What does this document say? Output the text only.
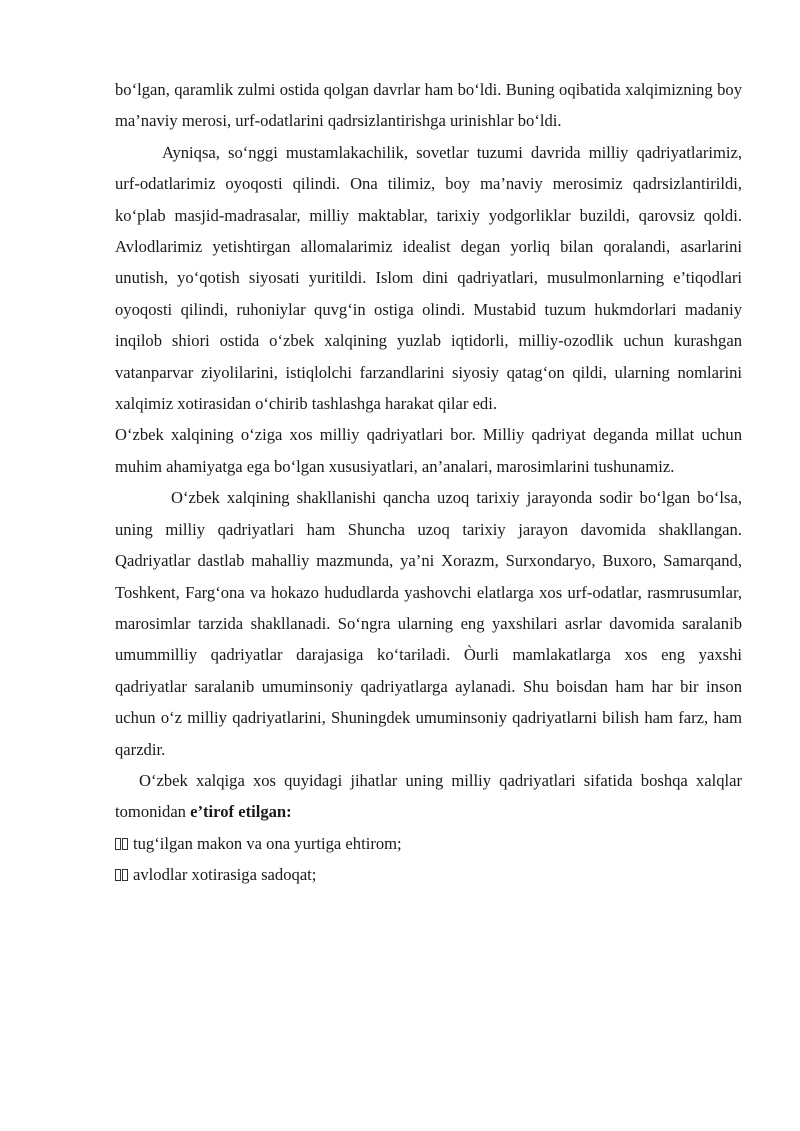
bo‘lgan, qaramlik zulmi ostida qolgan davrlar ham bo‘ldi. Buning oqibatida xalqimizning boy ma’naviy merosi, urf-odatlarini qadrsizlantirishga urinishlar bo‘ldi.

Ayniqsa, so‘nggi mustamlakachilik, sovetlar tuzumi davrida milliy qadriyatlarimiz, urf-odatlarimiz oyoqosti qilindi. Ona tilimiz, boy ma’naviy merosimiz qadrsizlantirildi, ko‘plab masjid-madrasalar, milliy maktablar, tarixiy yodgorliklar buzildi, qarovsiz qoldi. Avlodlarimiz yetishtirgan allomalarimiz idealist degan yorliq bilan qoralandi, asarlarini unutish, yo‘qotish siyosati yuritildi. Islom dini qadriyatlari, musulmonlarning e’tiqodlari oyoqosti qilindi, ruhoniylar quvg‘in ostiga olindi. Mustabid tuzum hukmdorlari madaniy inqilob shiori ostida o‘zbek xalqining yuzlab iqtidorli, milliy-ozodlik uchun kurashgan vatanparvar ziyolilarini, istiqlolchi farzandlarini siyosiy qatag‘on qildi, ularning nomlarini xalqimiz xotirasidan o‘chirib tashlashga harakat qilar edi.

O‘zbek xalqining o‘ziga xos milliy qadriyatlari bor. Milliy qadriyat deganda millat uchun muhim ahamiyatga ega bo‘lgan xususiyatlari, an’analari, marosimlarini tushunamiz.

O‘zbek xalqining shakllanishi qancha uzoq tarixiy jarayonda sodir bo‘lgan bo‘lsa, uning milliy qadriyatlari ham Shuncha uzoq tarixiy jarayon davomida shakllangan. Qadriyatlar dastlab mahalliy mazmunda, ya’ni Xorazm, Surxondaryo, Buxoro, Samarqand, Toshkent, Farg‘ona va hokazo hududlarda yashovchi elatlarga xos urf-odatlar, rasmrusumlar, marosimlar tarzida shakllanadi. So‘ngra ularning eng yaxshilari asrlar davomida saralanib umummilliy qadriyatlar darajasiga ko‘tariladi. Òurli mamlakatlarga xos eng yaxshi qadriyatlar saralanib umuminsoniy qadriyatlarga aylanadi. Shu boisdan ham har bir inson uchun o‘z milliy qadriyatlarini, Shuningdek umuminsoniy qadriyatlarni bilish ham farz, ham qarzdir.

O‘zbek xalqiga xos quyidagi jihatlar uning milliy qadriyatlari sifatida boshqa xalqlar tomonidan e’tirof etilgan:

tug‘ilgan makon va ona yurtiga ehtirom;

avlodlar xotirasiga sadoqat;
